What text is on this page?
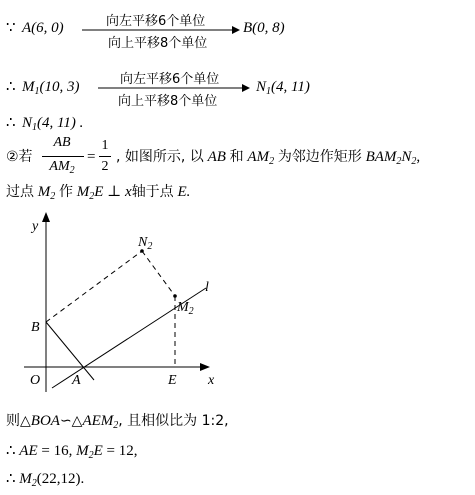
∵ A(6, 0)	向左平移6个单位
向上平移8个单位
B(0, 8)
∴ $M_1(10$, 3)	向左平移6个单位
向上平移8个单位
$N_1(4$, 11)
∴ $N_1(4$, 11) .
②若
AB
$AM_2$
=
1
2
, 如图所示, 以 AB 和 $AM_2$ 为邻边作矩形 $BAM_2N_2$,
过点 $M_2$ 作 $M_2E$ ⊥ x轴于点 E.
y
x
O A
B
E
l
$N_2$
$M_2$
则$\triangle BOA∽\triangle AEM_2$, 且相似比为 1:2,
∴ AE = 16, $M_2E = 12$,
∴ $M_2(22,12)$.
